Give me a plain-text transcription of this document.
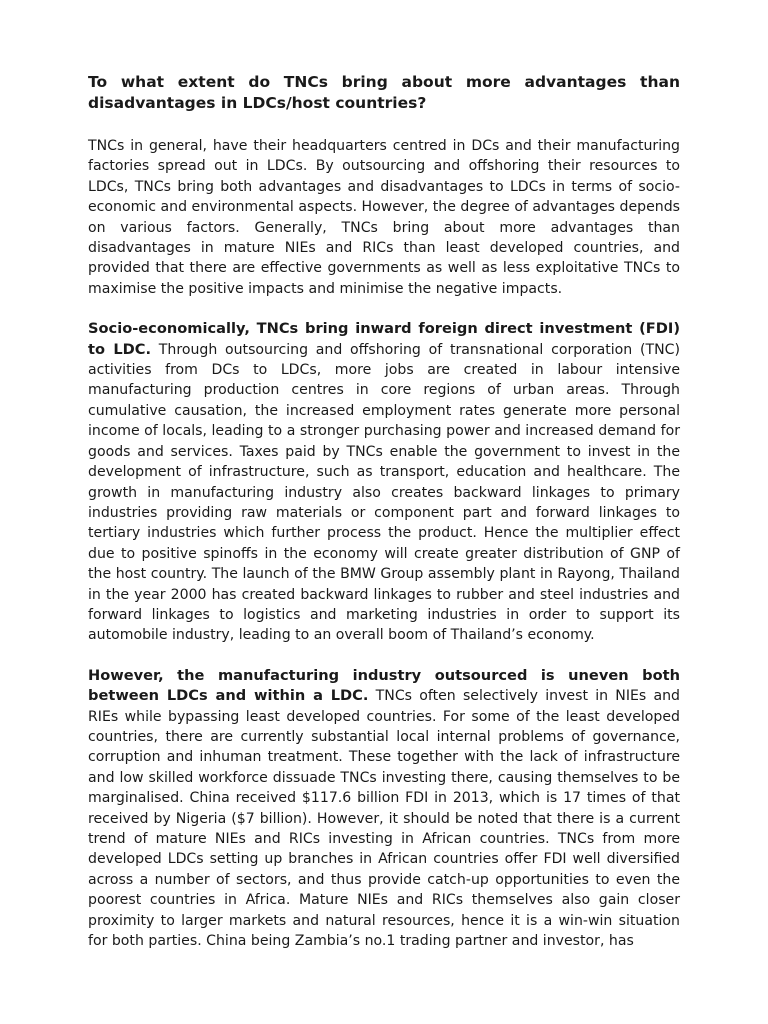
To what extent do TNCs bring about more advantages than disadvantages in LDCs/host countries?

TNCs in general, have their headquarters centred in DCs and their manufacturing factories spread out in LDCs. By outsourcing and offshoring their resources to LDCs, TNCs bring both advantages and disadvantages to LDCs in terms of socio-economic and environmental aspects. However, the degree of advantages depends on various factors. Generally, TNCs bring about more advantages than disadvantages in mature NIEs and RICs than least developed countries, and provided that there are effective governments as well as less exploitative TNCs to maximise the positive impacts and minimise the negative impacts.

Socio-economically, TNCs bring inward foreign direct investment (FDI) to LDC. Through outsourcing and offshoring of transnational corporation (TNC) activities from DCs to LDCs, more jobs are created in labour intensive manufacturing production centres in core regions of urban areas. Through cumulative causation, the increased employment rates generate more personal income of locals, leading to a stronger purchasing power and increased demand for goods and services. Taxes paid by TNCs enable the government to invest in the development of infrastructure, such as transport, education and healthcare. The growth in manufacturing industry also creates backward linkages to primary industries providing raw materials or component part and forward linkages to tertiary industries which further process the product. Hence the multiplier effect due to positive spinoffs in the economy will create greater distribution of GNP of the host country. The launch of the BMW Group assembly plant in Rayong, Thailand in the year 2000 has created backward linkages to rubber and steel industries and forward linkages to logistics and marketing industries in order to support its automobile industry, leading to an overall boom of Thailand’s economy.

However, the manufacturing industry outsourced is uneven both between LDCs and within a LDC. TNCs often selectively invest in NIEs and RIEs while bypassing least developed countries. For some of the least developed countries, there are currently substantial local internal problems of governance, corruption and inhuman treatment. These together with the lack of infrastructure and low skilled workforce dissuade TNCs investing there, causing themselves to be marginalised. China received $117.6 billion FDI in 2013, which is 17 times of that received by Nigeria ($7 billion). However, it should be noted that there is a current trend of mature NIEs and RICs investing in African countries. TNCs from more developed LDCs setting up branches in African countries offer FDI well diversified across a number of sectors, and thus provide catch-up opportunities to even the poorest countries in Africa. Mature NIEs and RICs themselves also gain closer proximity to larger markets and natural resources, hence it is a win-win situation for both parties. China being Zambia’s no.1 trading partner and investor, has
